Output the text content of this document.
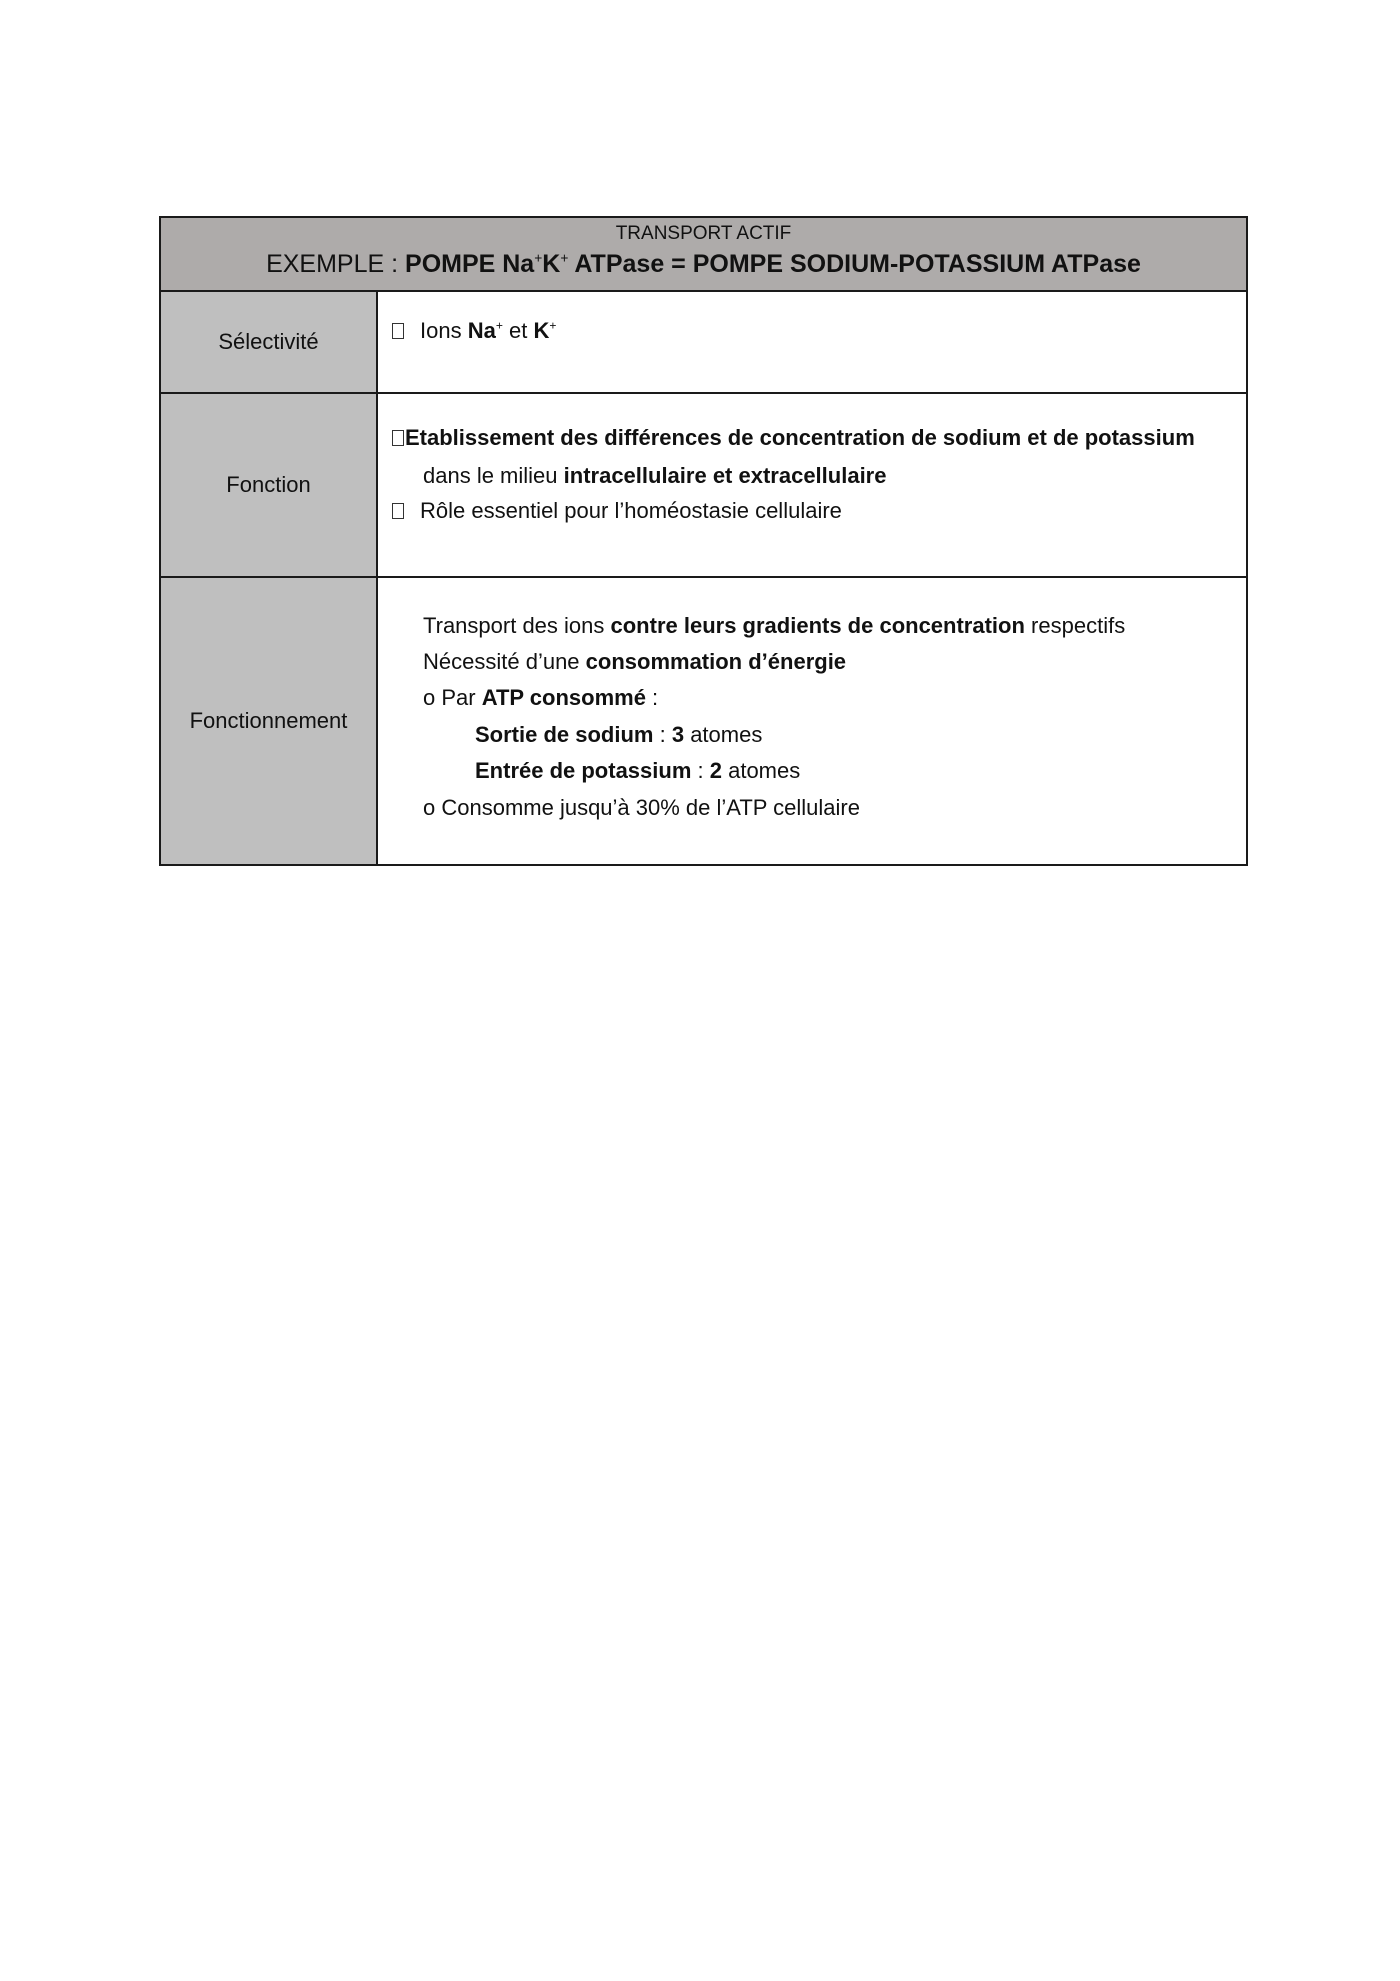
TRANSPORT ACTIF
EXEMPLE : POMPE Na+K+ ATPase = POMPE SODIUM-POTASSIUM ATPase
Sélectivité	Ions Na+ et K+
Fonction
Etablissement des différences de concentration de sodium et de potassium
dans le milieu intracellulaire et extracellulaire
Rôle essentiel pour l’homéostasie cellulaire
Fonctionnement
Transport des ions contre leurs gradients de concentration respectifs
Nécessité d’une consommation d’énergie
o Par ATP consommé :
Sortie de sodium : 3 atomes
Entrée de potassium : 2 atomes
o Consomme jusqu’à 30% de l’ATP cellulaire
